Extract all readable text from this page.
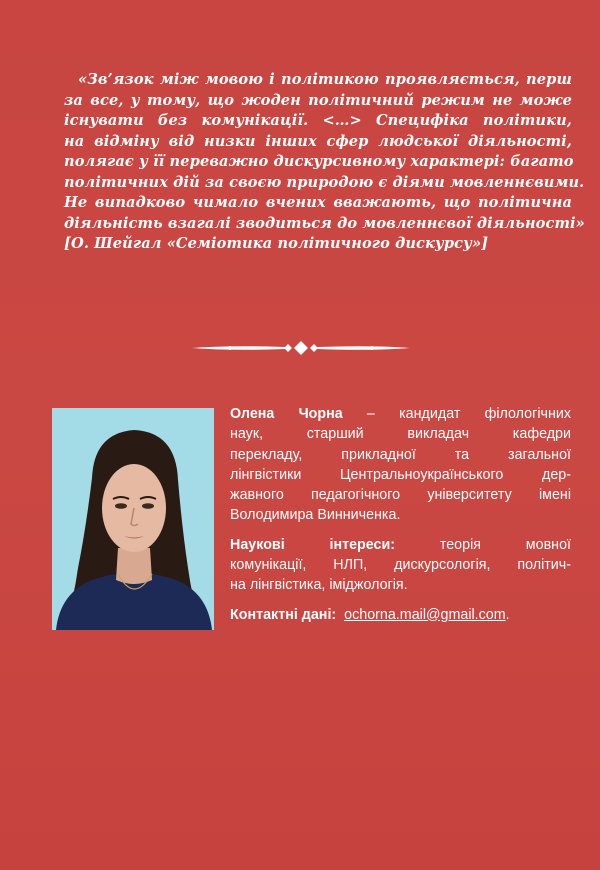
«Зв’язок між мовою і політикою проявляється, перш
за все, у тому, що жоден політичний режим не може
існувати без комунікації. <…> Специфіка політики,
на відміну від низки інших сфер людської діяльності,
полягає у її переважно дискурсивному характері: багато
політичних дій за своєю природою є діями мовленнєвими.
Не випадково чимало вчених вважають, що політична
діяльність взагалі зводиться до мовленнєвої діяльності»
[О. Шейгал «Семіотика політичного дискурсу»]

Олена Чорна – кандидат філологічних
наук, старший викладач кафедри
перекладу, прикладної та загальної
лінгвістики Центральноукраїнського дер-
жавного педагогічного університету імені
Володимира Винниченка.

Наукові інтереси: теорія мовної
комунікації, НЛП, дискурсологія, політич-
на лінгвістика, іміджологія.

Контактні дані: ochorna.mail@gmail.com.
